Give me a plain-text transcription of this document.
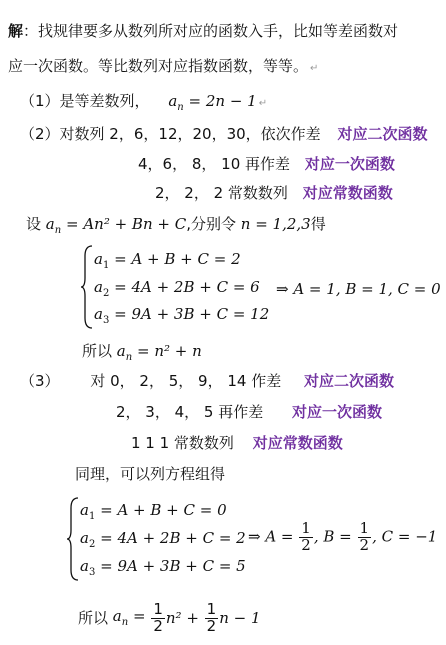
解：找规律要多从数列所对应的函数入手，比如等差函数对
应一次函数。等比数列对应指数函数，等等。 ↵
（1）是等差数列， $a_n = 2n - 1$ ↵
（2）对数列 2，6，12，20，30，依次作差 对应二次函数
4，6， 8， 10 再作差 对应一次函数
2， 2， 2 常数数列 对应常数函数
设 $a_n = An^2 + Bn + C$,分别令 n = 1,2,3得
$a_1 = A + B + C = 2$
$a_2 = 4A + 2B + C = 6$
$a_3 = 9A + 3B + C = 12$
⇒ A = 1, B = 1, C = 0
所以 $a_n = n^2 + n$
（3） 对 0， 2， 5， 9， 14 作差 对应二次函数
2， 3， 4， 5 再作差 对应一次函数
1 1 1 常数数列 对应常数函数
同理，可以列方程组得
$a_1 = A + B + C = 0$
$a_2 = 4A + 2B + C = 2$
$a_3 = 9A + 3B + C = 5$
⇒ $A = \frac{1}{2}$ , $B = \frac{1}{2}$ , C = −1
所以 $a_n = \frac{1}{2} n^2 + \frac{1}{2}$ n − 1
